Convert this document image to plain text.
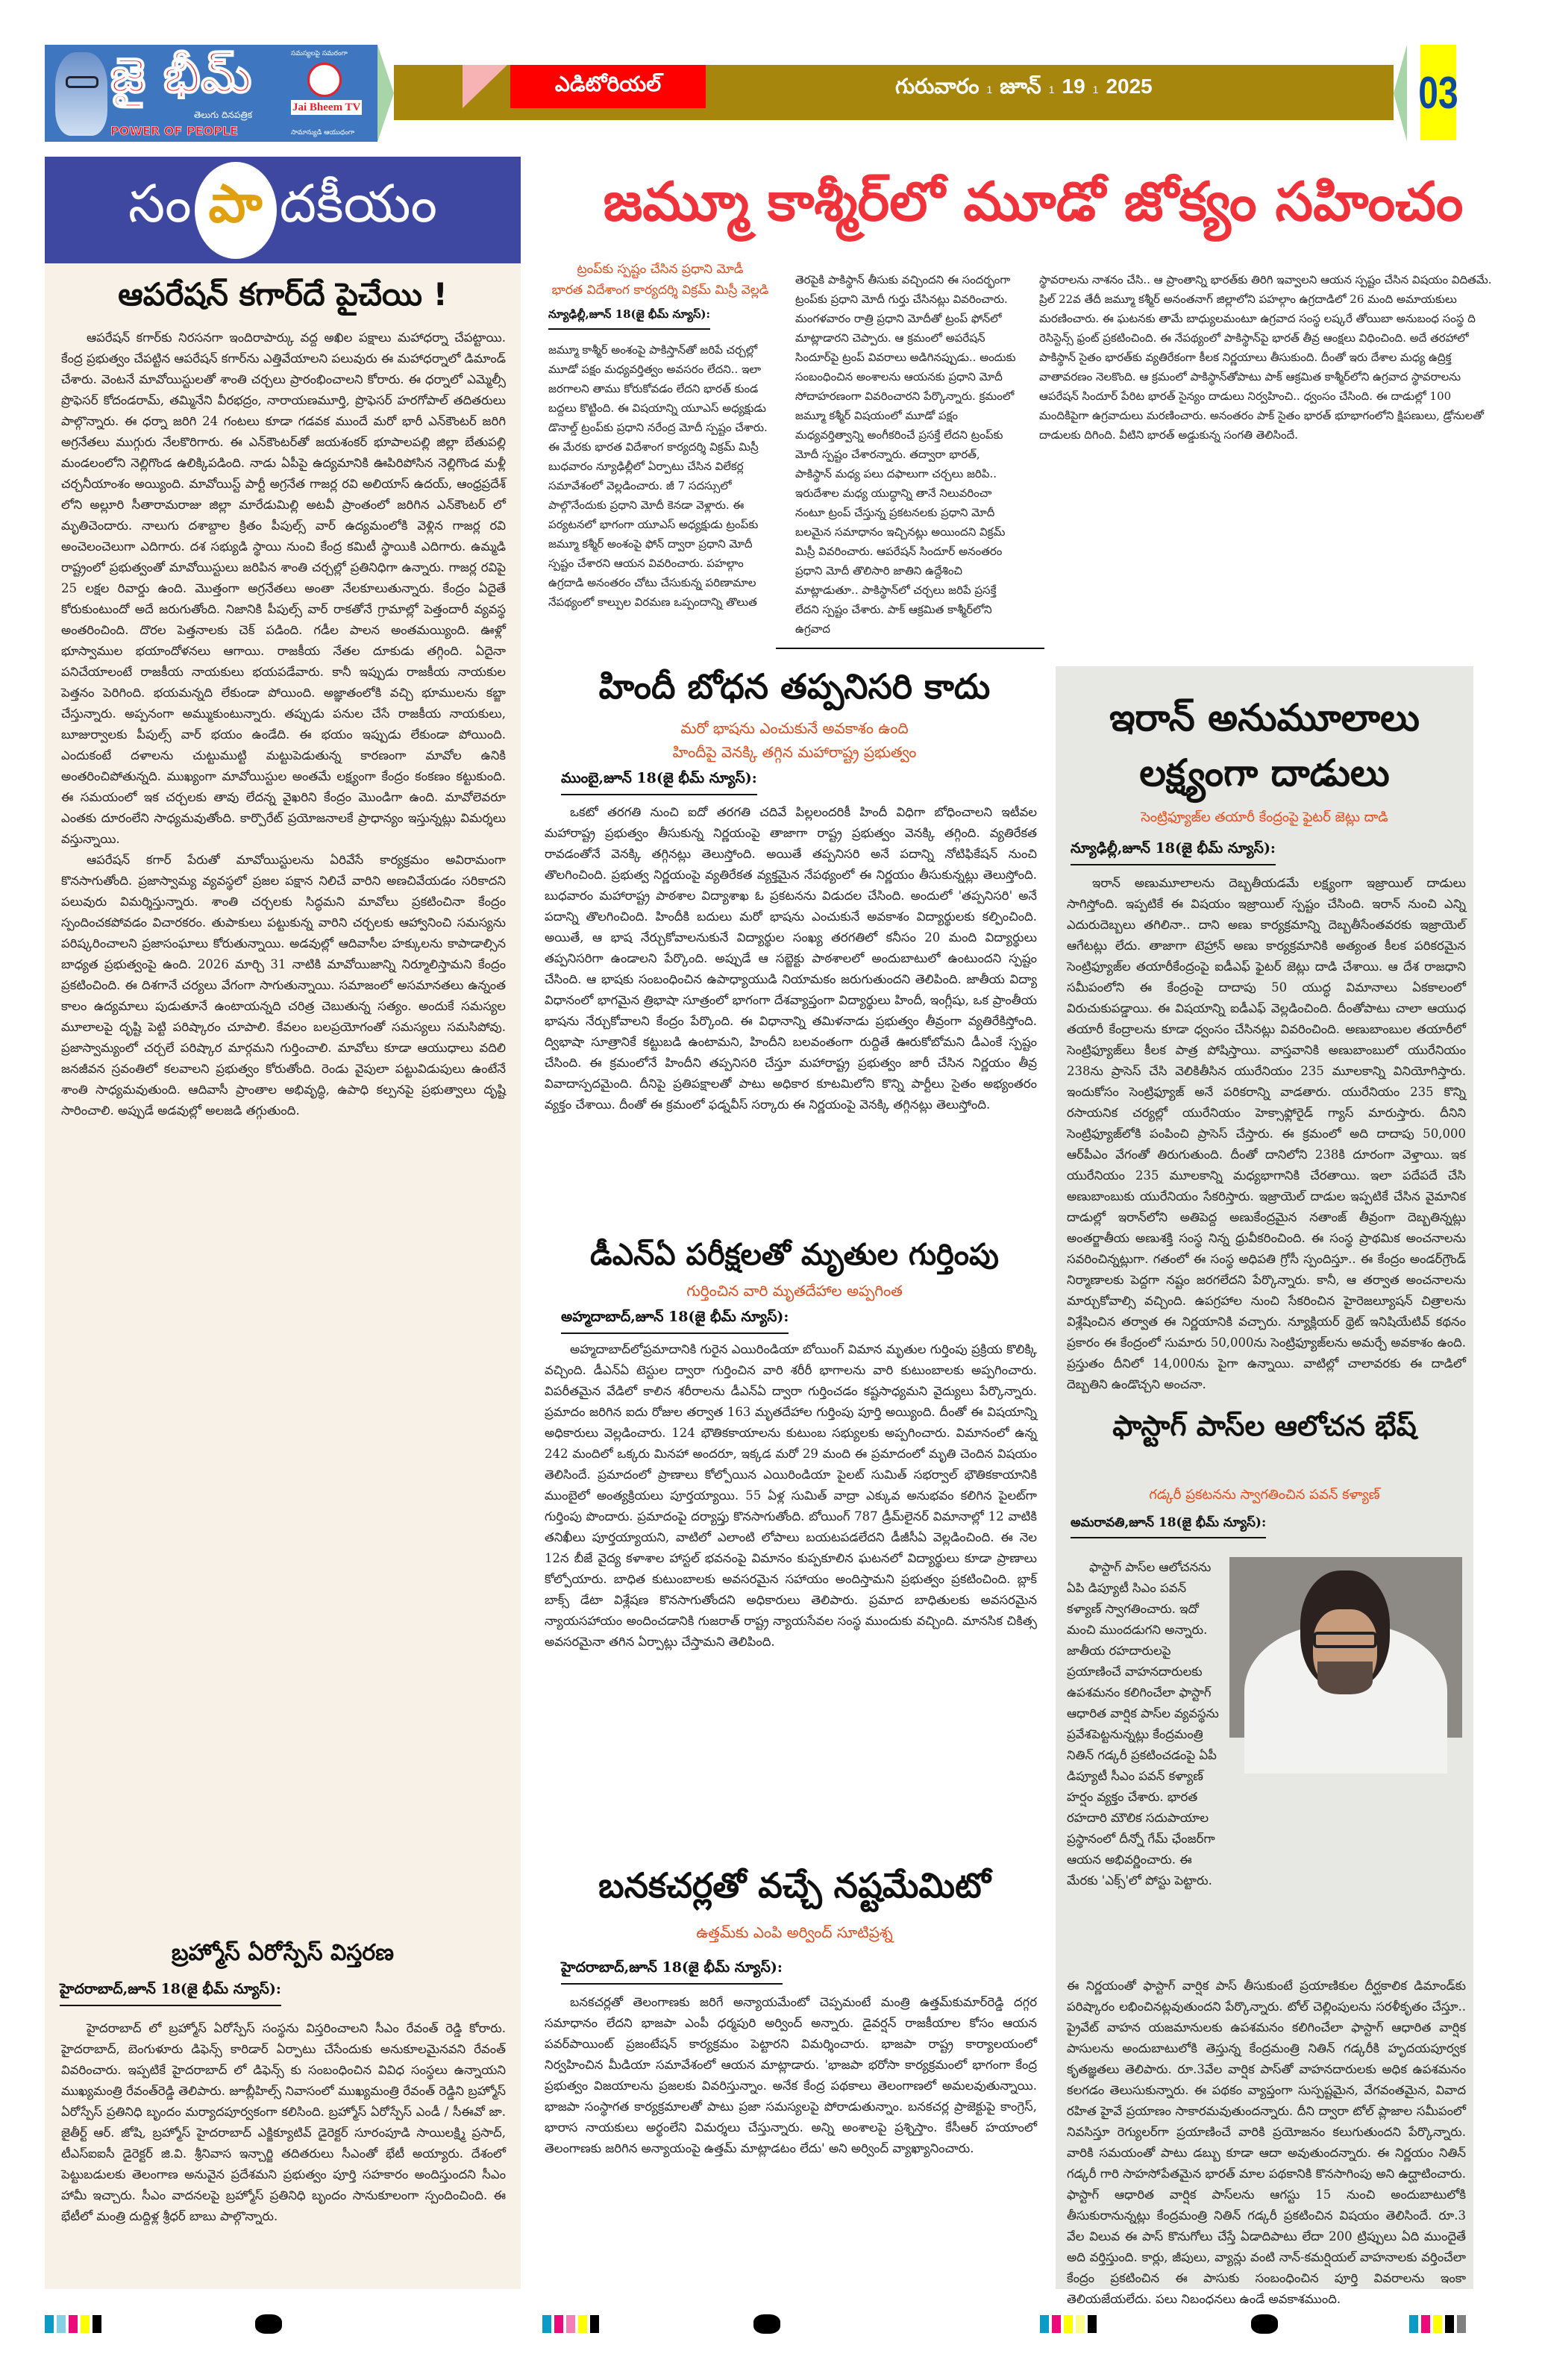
జై భీమ్
తెలుగు దినపత్రిక
POWER OF PEOPLE
సమస్యలపై సమరంగా
Jai Bheem TV
సామాన్యుడి ఆయుధంగా
ఎడిటోరియల్	గురువారం 1 జూన్ 1 19 1 2025	03
సం పా దకీయం	జమ్మూ కాశ్మీర్‌లో మూడో జోక్యం సహించం
ఆపరేషన్ కగార్‌దే పైచేయి !

ఆపరేషన్ కగార్‌కు నిరసనగా ఇందిరాపార్కు వద్ద అఖిల పక్షాలు మహాధర్నా చేపట్టాయి. కేంద్ర ప్రభుత్వం చేపట్టిన ఆపరేషన్ కగార్‌ను ఎత్తివేయాలని పలువురు ఈ మహాధర్నాలో డిమాండ్ చేశారు. వెంటనే మావోయిస్టులతో శాంతి చర్చలు ప్రారంభించాలని కోరారు. ఈ ధర్నాలో ఎమ్మెల్సీ ప్రొఫెసర్ కోదండరామ్, తమ్మినేని వీరభద్రం, నారాయణమూర్తి, ప్రొఫెసర్ హరగోపాల్ తదితరులు పాల్గొన్నారు. ఈ ధర్నా జరిగి 24 గంటలు కూడా గడవక ముందే మరో భారీ ఎన్‌కౌంటర్ జరిగి అగ్రనేతలు ముగ్గురు నేలకొరిగారు. ఈ ఎన్‌కౌంటర్‌తో జయశంకర్ భూపాలపల్లి జిల్లా బేతుపల్లి మండలంలోని నెల్లిగొండ ఉలిక్కిపడింది. నాడు ఏపీపై ఉద్యమానికి ఊపిరిపోసిన నెల్లిగొండ మళ్లీ చర్చనీయాంశం అయ్యింది. మావోయిస్ట్ పార్టీ అగ్రనేత గాజర్ల రవి అలియాస్ ఉదయ్, ఆంధ్రప్రదేశ్ లోని అల్లూరి సీతారామరాజు జిల్లా మారేడుమిల్లి అటవీ ప్రాంతంలో జరిగిన ఎన్‌కౌంటర్ లో మృతిచెందారు. నాలుగు దశాబ్దాల క్రితం పీపుల్స్ వార్ ఉద్యమంలోకి వెళ్లిన గాజర్ల రవి అంచెలంచెలుగా ఎదిగారు. దశ సభ్యుడి స్థాయి నుంచి కేంద్ర కమిటీ స్థాయికి ఎదిగారు. ఉమ్మడి రాష్ట్రంలో ప్రభుత్వంతో మావోయిస్టులు జరిపిన శాంతి చర్చల్లో ప్రతినిధిగా ఉన్నారు. గాజర్ల రవిపై 25 లక్షల రివార్డు ఉంది. మొత్తంగా అగ్రనేతలు అంతా నేలకూలుతున్నారు. కేంద్రం ఏదైతే కోరుకుంటుందో అదే జరుగుతోంది. నిజానికి పీపుల్స్ వార్ రాకతోనే గ్రామాల్లో పెత్తందారీ వ్యవస్థ అంతరించింది. దొరల పెత్తనాలకు చెక్ పడింది. గడీల పాలన అంతమయ్యింది. ఊళ్లో భూస్వాముల భయాందోళనలు ఆగాయి. రాజకీయ నేతల దూకుడు తగ్గింది. ఏదైనా పనిచేయాలంటే రాజకీయ నాయకులు భయపడేవారు. కానీ ఇప్పుడు రాజకీయ నాయకుల పెత్తనం పెరిగింది. భయమన్నది లేకుండా పోయింది. అజ్ఞాతంలోకి వచ్చి భూములను కబ్జా చేస్తున్నారు. అప్పనంగా అమ్ముకుంటున్నారు. తప్పుడు పనుల చేసే రాజకీయ నాయకులు, బూజుర్వాలకు పీపుల్స్ వార్ భయం ఉండేది. ఈ భయం ఇప్పుడు లేకుండా పోయింది. ఎందుకంటే దళాలను చుట్టుముట్టి మట్టుపెడుతున్న కారణంగా మావోల ఉనికి అంతరించిపోతున్నది. ముఖ్యంగా మావోయిస్టుల అంతమే లక్ష్యంగా కేంద్రం కంకణం కట్టుకుంది. ఈ సమయంలో ఇక చర్చలకు తావు లేదన్న వైఖరిని కేంద్రం మొండిగా ఉంది. మావోలెవరూ ఎంతకు దూరంలేని సాధ్యమవుతోంది. కార్పొరేట్ ప్రయోజనాలకే ప్రాధాన్యం ఇస్తున్నట్లు విమర్శలు వస్తున్నాయి.

ఆపరేషన్ కగార్ పేరుతో మావోయిస్టులను ఏరివేసే కార్యక్రమం అవిరామంగా కొనసాగుతోంది. ప్రజాస్వామ్య వ్యవస్థలో ప్రజల పక్షాన నిలిచే వారిని అణచివేయడం సరికాదని పలువురు విమర్శిస్తున్నారు. శాంతి చర్చలకు సిద్ధమని మావోలు ప్రకటించినా కేంద్రం స్పందించకపోవడం విచారకరం. తుపాకులు పట్టుకున్న వారిని చర్చలకు ఆహ్వానించి సమస్యను పరిష్కరించాలని ప్రజాసంఘాలు కోరుతున్నాయి. అడవుల్లో ఆదివాసీల హక్కులను కాపాడాల్సిన బాధ్యత ప్రభుత్వంపై ఉంది. 2026 మార్చి 31 నాటికి మావోయిజాన్ని నిర్మూలిస్తామని కేంద్రం ప్రకటించింది. ఈ దిశగానే చర్యలు వేగంగా సాగుతున్నాయి. సమాజంలో అసమానతలు ఉన్నంత కాలం ఉద్యమాలు పుడుతూనే ఉంటాయన్నది చరిత్ర చెబుతున్న సత్యం. అందుకే సమస్యల మూలాలపై దృష్టి పెట్టి పరిష్కారం చూపాలి. కేవలం బలప్రయోగంతో సమస్యలు సమసిపోవు. ప్రజాస్వామ్యంలో చర్చలే పరిష్కార మార్గమని గుర్తించాలి. మావోలు కూడా ఆయుధాలు వదిలి జనజీవన స్రవంతిలో కలవాలని ప్రభుత్వం కోరుతోంది. రెండు వైపులా పట్టువిడుపులు ఉంటేనే శాంతి సాధ్యమవుతుంది. ఆదివాసీ ప్రాంతాల అభివృద్ధి, ఉపాధి కల్పనపై ప్రభుత్వాలు దృష్టి సారించాలి. అప్పుడే అడవుల్లో అలజడి తగ్గుతుంది.

బ్రహ్మోస్ ఏరోస్పేస్ విస్తరణ
హైదరాబాద్,జూన్ 18(జై భీమ్ న్యూస్):
హైదరాబాద్ లో బ్రహ్మోస్ ఏరోస్పేస్ సంస్థను విస్తరించాలని సీఎం రేవంత్ రెడ్డి కోరారు. హైదరాబాద్, బెంగుళూరు డిఫెన్స్ కారిడార్ ఏర్పాటు చేసేందుకు అనుకూలమైనవని రేవంత్ వివరించారు. ఇప్పటికే హైదరాబాద్ లో డిఫెన్స్ కు సంబంధించిన వివిధ సంస్థలు ఉన్నాయని ముఖ్యమంత్రి రేవంత్‌రెడ్డి తెలిపారు. జూబ్లీహిల్స్ నివాసంలో ముఖ్యమంత్రి రేవంత్ రెడ్డిని బ్రహ్మోస్ ఏరోస్పేస్ ప్రతినిధి బృందం మర్యాదపూర్వకంగా కలిసింది. బ్రహ్మోస్ ఏరోస్పేస్ ఎండీ / సీఈవో జా. జైతీర్ట్ ఆర్. జోషి, బ్రహ్మోస్ హైదరాబాద్ ఎక్జిక్యూటివ్ డైరెక్టర్ సూరంపూడి సాయిలక్ష్మి ప్రసాద్, టీఎస్ఐఐసీ డైరెక్టర్ జి.వి. శ్రీనివాస ఇన్చార్జి తదితరులు సీఎంతో భేటీ అయ్యారు. దేశంలో పెట్టుబడులకు తెలంగాణ అనువైన ప్రదేశమని ప్రభుత్వం పూర్తి సహకారం అందిస్తుందని సీఎం హామీ ఇచ్చారు. సీఎం వాదనలపై బ్రహ్మోస్ ప్రతినిధి బృందం సానుకూలంగా స్పందించింది. ఈ భేటీలో మంత్రి దుద్దిళ్ల శ్రీధర్ బాబు పాల్గొన్నారు.
ట్రంప్‌కు స్పష్టం చేసిన ప్రధాని మోడీ
భారత విదేశాంగ కార్యదర్శి విక్రమ్ మిస్రీ వెల్లడి
న్యూఢిల్లీ,జూన్ 18(జై భీమ్ న్యూస్):
జమ్మూ కాశ్మీర్ అంశంపై పాకిస్తాన్‌తో జరిపే చర్చల్లో మూడో పక్షం మధ్యవర్తిత్వం అవసరం లేదని.. ఇలా జరగాలని తాము కోరుకోవడం లేదని భారత్ కుండ బద్దలు కొట్టింది. ఈ విషయాన్ని యూఎస్ అధ్యక్షుడు డొనాల్డ్ ట్రంప్‌కు ప్రధాని నరేంద్ర మోదీ స్పష్టం చేశారు. ఈ మేరకు భారత విదేశాంగ కార్యదర్శి విక్రమ్ మిస్రీ బుధవారం న్యూఢిల్లీలో ఏర్పాటు చేసిన విలేకర్ల సమావేశంలో వెల్లడించారు. జీ 7 సదస్సులో పాల్గొనేందుకు ప్రధాని మోదీ కెనడా వెళ్లారు. ఈ పర్యటనలో భాగంగా యూఎస్ అధ్యక్షుడు ట్రంప్‌కు జమ్మూ కశ్మీర్ అంశంపై ఫోన్ ద్వారా ప్రధాని మోదీ స్పష్టం చేశారని ఆయన వివరించారు. పహల్గాం ఉగ్రదాడి అనంతరం చోటు చేసుకున్న పరిణామాల నేపథ్యంలో కాల్పుల విరమణ ఒప్పందాన్ని తొలుత
తెరపైకి పాకిస్థాన్ తీసుకు వచ్చిందని ఈ సందర్భంగా ట్రంప్‌కు ప్రధాని మోదీ గుర్తు చేసినట్లు వివరించారు. మంగళవారం రాత్రి ప్రధాని మోదీతో ట్రంప్ ఫోన్‌లో మాట్లాడారని చెప్పారు. ఆ క్రమంలో అపరేషన్ సిందూర్‌పై ట్రంప్ వివరాలు అడిగినప్పుడు.. అందుకు సంబంధించిన అంశాలను ఆయనకు ప్రధాని మోదీ సోదాహరణంగా వివరించారని పేర్కొన్నారు. క్రమంలో జమ్మూ కశ్మీర్ విషయంలో మూడో పక్షం మధ్యవర్తిత్వాన్ని అంగీకరించే ప్రసక్తే లేదని ట్రంప్‌కు మోదీ స్పష్టం చేశారన్నారు. తద్వారా భారత్, పాకిస్థాన్ మధ్య పలు దఫాలుగా చర్చలు జరిపి.. ఇరుదేశాల మధ్య యుద్ధాన్ని తానే నిలువరించా నంటూ ట్రంప్ చేస్తున్న ప్రకటనలకు ప్రధాని మోదీ బలమైన సమాధానం ఇచ్చినట్లు అయిందని విక్రమ్ మిస్రీ వివరించారు. ఆపరేషన్ సిందూర్ అనంతరం ప్రధాని మోదీ తొలిసారి జాతిని ఉద్దేశించి మాట్లాడుతూ.. పాకిస్థాన్‌లో చర్చలు జరిపే ప్రసక్తే లేదని స్పష్టం చేశారు. పాక్ ఆక్రమిత కాశ్మీర్‌లోని ఉగ్రవాద
స్థావరాలను నాశనం చేసి.. ఆ ప్రాంతాన్ని భారత్‌కు తిరిగి ఇవ్వాలని ఆయన స్పష్టం చేసిన విషయం విదితమే. ప్రిల్ 22వ తేదీ జమ్మూ కశ్మీర్ అనంతనాగ్ జిల్లాలోని పహల్గాం ఉగ్రదాడిలో 26 మంది అమాయకులు మరణించారు. ఈ ఘటనకు తామే బాధ్యులమంటూ ఉగ్రవాద సంస్థ లష్కరే తోయిబా అనుబంధ సంస్థ ది రెసిస్టెన్స్ ఫ్రంట్ ప్రకటించింది. ఈ నేపథ్యంలో పాకిస్థాన్‌పై భారత్ తీవ్ర ఆంక్షలు విధించింది. అదే తరహాలో పాకిస్థాన్ సైతం భారత్‌కు వ్యతిరేకంగా కీలక నిర్ణయాలు తీసుకుంది. దీంతో ఇరు దేశాల మధ్య ఉద్రిక్త వాతావరణం నెలకొంది. ఆ క్రమంలో పాకిస్థాన్‌తోపాటు పాక్ ఆక్రమిత కాశ్మీర్‌లోని ఉగ్రవాద స్థావరాలను ఆపరేషన్ సిందూర్ పేరిట భారత్ సైన్యం దాడులు నిర్వహించి.. ధ్వంసం చేసింది. ఈ దాడుల్లో 100 మందికిపైగా ఉగ్రవాదులు మరణించారు. అనంతరం పాక్ సైతం భారత్ భూభాగంలోని క్షిపణులు, డ్రోనులతో దాడులకు దిగింది. వీటిని భారత్ అడ్డుకున్న సంగతి తెలిసిందే.
హిందీ బోధన తప్పనిసరి కాదు
మరో భాషను ఎంచుకునే అవకాశం ఉంది
హిందీపై వెనక్కి తగ్గిన మహారాష్ట్ర ప్రభుత్వం
ముంబై,జూన్ 18(జై భీమ్ న్యూస్):
ఒకటో తరగతి నుంచి ఐదో తరగతి చదివే పిల్లలందరికీ హిందీ విధిగా బోధించాలని ఇటీవల మహారాష్ట్ర ప్రభుత్వం తీసుకున్న నిర్ణయంపై తాజాగా రాష్ట్ర ప్రభుత్వం వెనక్కి తగ్గింది. వ్యతిరేకత రావడంతోనే వెనక్కి తగ్గినట్లు తెలుస్తోంది. అయితే తప్పనిసరి అనే పదాన్ని నోటిఫికేషన్ నుంచి తొలగించింది. ప్రభుత్వ నిర్ణయంపై వ్యతిరేకత వ్యక్తమైన నేపథ్యంలో ఈ నిర్ణయం తీసుకున్నట్లు తెలుస్తోంది. బుధవారం మహారాష్ట్ర పాఠశాల విద్యాశాఖ ఓ ప్రకటనను విడుదల చేసింది. అందులో 'తప్పనిసరి' అనే పదాన్ని తొలగించింది. హిందీకి బదులు మరో భాషను ఎంచుకునే అవకాశం విద్యార్థులకు కల్పించింది. అయితే, ఆ భాష నేర్చుకోవాలనుకునే విద్యార్థుల సంఖ్య తరగతిలో కనీసం 20 మంది విద్యార్థులు తప్పనిసరిగా ఉండాలని పేర్కొంది. అప్పుడే ఆ సబ్జెక్టు పాఠశాలలో అందుబాటులో ఉంటుందని స్పష్టం చేసింది. ఆ భాషకు సంబంధించిన ఉపాధ్యాయుడి నియామకం జరుగుతుందని తెలిపింది. జాతీయ విద్యా విధానంలో భాగమైన త్రిభాషా సూత్రంలో భాగంగా దేశవ్యాప్తంగా విద్యార్థులు హిందీ, ఇంగ్లీషు, ఒక ప్రాంతీయ భాషను నేర్చుకోవాలని కేంద్రం పేర్కొంది. ఈ విధానాన్ని తమిళనాడు ప్రభుత్వం తీవ్రంగా వ్యతిరేకిస్తోంది. ద్విభాషా సూత్రానికే కట్టుబడి ఉంటామని, హిందీని బలవంతంగా రుద్దితే ఊరుకోబోమని డీఎంకే స్పష్టం చేసింది. ఈ క్రమంలోనే హిందీని తప్పనిసరి చేస్తూ మహారాష్ట్ర ప్రభుత్వం జారీ చేసిన నిర్ణయం తీవ్ర వివాదాస్పదమైంది. దీనిపై ప్రతిపక్షాలతో పాటు అధికార కూటమిలోని కొన్ని పార్టీలు సైతం అభ్యంతరం వ్యక్తం చేశాయి. దీంతో ఈ క్రమంలో ఫడ్నవీస్ సర్కారు ఈ నిర్ణయంపై వెనక్కి తగ్గినట్లు తెలుస్తోంది.
డీఎన్ఏ పరీక్షలతో మృతుల గుర్తింపు
గుర్తించిన వారి మృతదేహాల అప్పగింత
అహ్మదాబాద్,జూన్ 18(జై భీమ్ న్యూస్):
అహ్మదాబాద్‌లోప్రమాదానికి గురైన ఎయిరిండియా బోయింగ్ విమాన మృతుల గుర్తింపు ప్రక్రియ కొలిక్కి వచ్చింది. డీఎన్ఏ టెస్టుల ద్వారా గుర్తించిన వారి శరీరీ భాగాలను వారి కుటుంబాలకు అప్పగించారు. విపరీతమైన వేడిలో కాలిన శరీరాలను డీఎన్ఏ ద్వారా గుర్తించడం కష్టసాధ్యమని వైద్యులు పేర్కొన్నారు. ప్రమాదం జరిగిన ఐదు రోజుల తర్వాత 163 మృతదేహాల గుర్తింపు పూర్తి అయ్యింది. దీంతో ఈ విషయాన్ని అధికారులు వెల్లడించారు. 124 భౌతికకాయాలను కుటుంబ సభ్యులకు అప్పగించారు. విమానంలో ఉన్న 242 మందిలో ఒక్కరు మినహా అందరూ, ఇక్కడ మరో 29 మంది ఈ ప్రమాదంలో మృతి చెందిన విషయం తెలిసిందే. ప్రమాదంలో ప్రాణాలు కోల్పోయిన ఎయిరిండియా పైలట్ సుమిత్ సభర్వాల్ భౌతికకాయానికి ముంబైలో అంత్యక్రియలు పూర్తయ్యాయి. 55 ఏళ్ల సుమిత్ వాద్రా ఎక్కువ అనుభవం కలిగిన పైలట్‌గా గుర్తింపు పొందారు. ప్రమాదంపై దర్యాప్తు కొనసాగుతోంది. బోయింగ్ 787 డ్రీమ్‌లైనర్ విమానాల్లో 12 వాటికి తనిఖీలు పూర్తయ్యాయని, వాటిలో ఎలాంటి లోపాలు బయటపడలేదని డీజీసీఏ వెల్లడించింది. ఈ నెల 12న బీజే వైద్య కళాశాల హాస్టల్ భవనంపై విమానం కుప్పకూలిన ఘటనలో విద్యార్థులు కూడా ప్రాణాలు కోల్పోయారు. బాధిత కుటుంబాలకు అవసరమైన సహాయం అందిస్తామని ప్రభుత్వం ప్రకటించింది. బ్లాక్ బాక్స్ డేటా విశ్లేషణ కొనసాగుతోందని అధికారులు తెలిపారు. ప్రమాద బాధితులకు అవసరమైన న్యాయసహాయం అందించడానికి గుజరాత్ రాష్ట్ర న్యాయసేవల సంస్థ ముందుకు వచ్చింది. మానసిక చికిత్స అవసరమైనా తగిన ఏర్పాట్లు చేస్తామని తెలిపింది.
బనకచర్లతో వచ్చే నష్టమేమిటో
ఉత్తమ్‌కు ఎంపి అర్వింద్ సూటిప్రశ్న
హైదరాబాద్,జూన్ 18(జై భీమ్ న్యూస్):
బనకచర్లతో తెలంగాణకు జరిగే అన్యాయమేంటో చెప్పమంటే మంత్రి ఉత్తమ్‌కుమార్‌రెడ్డి దగ్గర సమాధానం లేదని భాజపా ఎంపీ ధర్మపురి అర్వింద్ అన్నారు. డైవర్షన్ రాజకీయాల కోసం ఆయన పవర్‌పాయింట్ ప్రజంటేషన్ కార్యక్రమం పెట్టారని విమర్శించారు. భాజపా రాష్ట్ర కార్యాలయంలో నిర్వహించిన మీడియా సమావేశంలో ఆయన మాట్లాడారు. 'భాజపా భరోసా కార్యక్రమంలో భాగంగా కేంద్ర ప్రభుత్వం విజయాలను ప్రజలకు వివరిస్తున్నాం. అనేక కేంద్ర పథకాలు తెలంగాణలో అమలవుతున్నాయి. భాజపా సంస్థాగత కార్యక్రమాలతో పాటు ప్రజా సమస్యలపై పోరాడుతున్నాం. బనకచర్ల ప్రాజెక్టుపై కాంగ్రెస్, భారాస నాయకులు అర్థంలేని విమర్శలు చేస్తున్నారు. అన్ని అంశాలపై ప్రశ్నిస్తాం. కేసీఆర్ హయాంలో తెలంగాణకు జరిగిన అన్యాయంపై ఉత్తమ్ మాట్లాడటం లేదు' అని అర్వింద్ వ్యాఖ్యానించారు.
ఇరాన్ అనుమూలాలు
లక్ష్యంగా దాడులు
సెంట్రిఫ్యూజ్‌ల తయారీ కేంద్రంపై ఫైటర్ జెట్లు దాడి
న్యూఢిల్లీ,జూన్ 18(జై భీమ్ న్యూస్):
ఇరాన్ అణుమూలాలను దెబ్బతీయడమే లక్ష్యంగా ఇజ్రాయిల్ దాడులు సాగిస్తోంది. ఇప్పటికే ఈ విషయం ఇజ్రాయిల్ స్పష్టం చేసింది. ఇరాన్ నుంచి ఎన్ని ఎదురుదెబ్బలు తగిలినా.. దాని అణు కార్యక్రమాన్ని దెబ్బతీసేంతవరకు ఇజ్రాయెల్ ఆగేటట్లు లేదు. తాజాగా టెహ్రాన్ అణు కార్యక్రమానికి అత్యంత కీలక పరికరమైన సెంట్రిఫ్యూజ్‌ల తయారీకేంద్రంపై ఐడీఎఫ్ ఫైటర్ జెట్లు దాడి చేశాయి. ఆ దేశ రాజధాని సమీపంలోని ఈ కేంద్రంపై దాదాపు 50 యుద్ధ విమానాలు ఏకకాలంలో విరుచుకుపడ్డాయి. ఈ విషయాన్ని ఐడీఎఫ్ వెల్లడించింది. దీంతోపాటు చాలా ఆయుధ తయారీ కేంద్రాలను కూడా ధ్వంసం చేసినట్లు వివరించింది. అణుబాంబుల తయారీలో సెంట్రిఫ్యూజ్‌లు కీలక పాత్ర పోషిస్తాయి. వాస్తవానికి అణుబాంబులో యురేనియం 238ను ప్రాసెస్ చేసి వెలికితీసిన యురేనియం 235 మూలకాన్ని వినియోగిస్తారు. ఇందుకోసం సెంట్రిఫ్యూజ్‌ అనే పరికరాన్ని వాడతారు. యురేనియం 235 కొన్ని రసాయనిక చర్యల్లో యురేనియం హెక్సాఫ్లోరైడ్ గ్యాస్ మారుస్తారు. దీనిని సెంట్రిఫ్యూజ్‌లోకి పంపించి ప్రాసెస్ చేస్తారు. ఈ క్రమంలో అది దాదాపు 50,000 ఆర్‌పీఎం వేగంతో తిరుగుతుంది. దీంతో దానిలోని 238కి దూరంగా వెళ్తాయి. ఇక యురేనియం 235 మూలకాన్ని మధ్యభాగానికి చేరతాయి. ఇలా పదేపదే చేసి అణుబాంబుకు యురేనియం సేకరిస్తారు. ఇజ్రాయెల్ దాడుల ఇప్పటికే చేసిన వైమానిక దాడుల్లో ఇరాన్‌లోని అతిపెద్ద అణుకేంద్రమైన నతాంజ్ తీవ్రంగా దెబ్బతిన్నట్లు అంతర్జాతీయ అణుశక్తి సంస్థ నిన్న ధ్రువీకరించింది. ఈ సంస్థ ప్రాథమిక అంచనాలను సవరించిన్నట్లుగా. గతంలో ఈ సంస్థ అధిపతి గ్రోసీ స్పందిస్తూ.. ఈ కేంద్రం అండర్‌గ్రౌండ్ నిర్మాణాలకు పెద్దగా నష్టం జరగలేదని పేర్కొన్నారు. కానీ, ఆ తర్వాత అంచనాలను మార్చుకోవాల్సి వచ్చింది. ఉపగ్రహాల నుంచి సేకరించిన హైరెజల్యూషన్ చిత్రాలను విశ్లేషించిన తర్వాత ఈ నిర్ణయానికి వచ్చారు. న్యూక్లియర్ థ్రెట్ ఇనిషియేటివ్ కథనం ప్రకారం ఈ కేంద్రంలో సుమారు 50,000ను సెంట్రిఫ్యూజ్‌లను అమర్చే అవకాశం ఉంది. ప్రస్తుతం దీనిలో 14,000ను పైగా ఉన్నాయి. వాటిల్లో చాలావరకు ఈ దాడిలో దెబ్బతిని ఉండొచ్చని అంచనా.
ఫాస్టాగ్ పాస్‌ల ఆలోచన భేష్
గడ్కరీ ప్రకటనను స్వాగతించిన పవన్ కళ్యాణ్
అమరావతి,జూన్ 18(జై భీమ్ న్యూస్):
ఫాస్టాగ్ పాస్‌ల ఆలోచనను ఏపి డిప్యూటీ సిఎం పవన్ కళ్యాణ్ స్వాగతించారు. ఇదో మంచి ముందడుగని అన్నారు. జాతీయ రహదారులపై ప్రయాణించే వాహనదారులకు ఉపశమనం కలిగించేలా ఫాస్టాగ్ ఆధారిత వార్షిక పాస్‌ల వ్యవస్థను ప్రవేశపెట్టనున్నట్లు కేంద్రమంత్రి నితిన్ గడ్కరీ ప్రకటించడంపై ఏపీ డిప్యూటీ సీఎం పవన్ కళ్యాణ్ హర్షం వ్యక్తం చేశారు. భారత రహదారి మౌలిక సదుపాయాల ప్రస్థానంలో దీన్నో గేమ్ ఛేంజర్‌గా ఆయన అభివర్ణించారు. ఈ మేరకు 'ఎక్స్'లో పోస్టు పెట్టారు.
ఈ నిర్ణయంతో ఫాస్టాగ్ వార్షిక పాస్ తీసుకుంటే ప్రయాణికుల దీర్ఘకాలిక డిమాండ్‌కు పరిష్కారం లభించినట్లవుతుందని పేర్కొన్నారు. టోల్ చెల్లింపులను సరళీకృతం చేస్తూ.. ప్రైవేట్ వాహన యజమానులకు ఉపశమనం కలిగించేలా ఫాస్టాగ్ ఆధారిత వార్షిక పాసులను అందుబాటులోకి తెస్తున్న కేంద్రమంత్రి నితిన్ గడ్కరీకి హృదయపూర్వక కృతజ్ఞతలు తెలిపారు. రూ.3వేల వార్షిక పాస్‌తో వాహనదారులకు అధిక ఉపశమనం కలగడం తెలుసుకున్నారు. ఈ పథకం వ్యాప్తంగా సుస్పష్టమైన, వేగవంతమైన, వివాద రహిత హైవే ప్రయాణం సాకారమవుతుందన్నారు. దీని ద్వారా టోల్ ప్లాజాల సమీపంలో నివసిస్తూ రెగ్యులర్‌గా ప్రయాణించే వారికి ప్రయోజనం కలుగుతుందని పేర్కొన్నారు. వారికి సమయంతో పాటు డబ్బు కూడా ఆదా అవుతుందన్నారు. ఈ నిర్ణయం నితిన్ గడ్కరీ గారి సాహసోపేతమైన భారత్ మాల పథకానికి కొనసాగింపు అని ఉద్ఘాటించారు. ఫాస్టాగ్ ఆధారిత వార్షిక పాస్‌లను ఆగస్టు 15 నుంచి అందుబాటులోకి తీసుకురానున్నట్లు కేంద్రమంత్రి నితిన్ గడ్కరీ ప్రకటించిన విషయం తెలిసిందే. రూ.3 వేల విలువ ఈ పాస్ కొనుగోలు చేస్తే ఏడాదిపాటు లేదా 200 ట్రిప్పులు ఏది ముందైతే అది వర్తిస్తుంది. కార్లు, జీపులు, వ్యాన్లు వంటి నాన్-కమర్షియల్ వాహనాలకు వర్తించేలా కేంద్రం ప్రకటించిన ఈ పాసుకు సంబంధించిన పూర్తి వివరాలను ఇంకా తెలియజేయలేదు. పలు నిబంధనలు ఉండే అవకాశముంది.
